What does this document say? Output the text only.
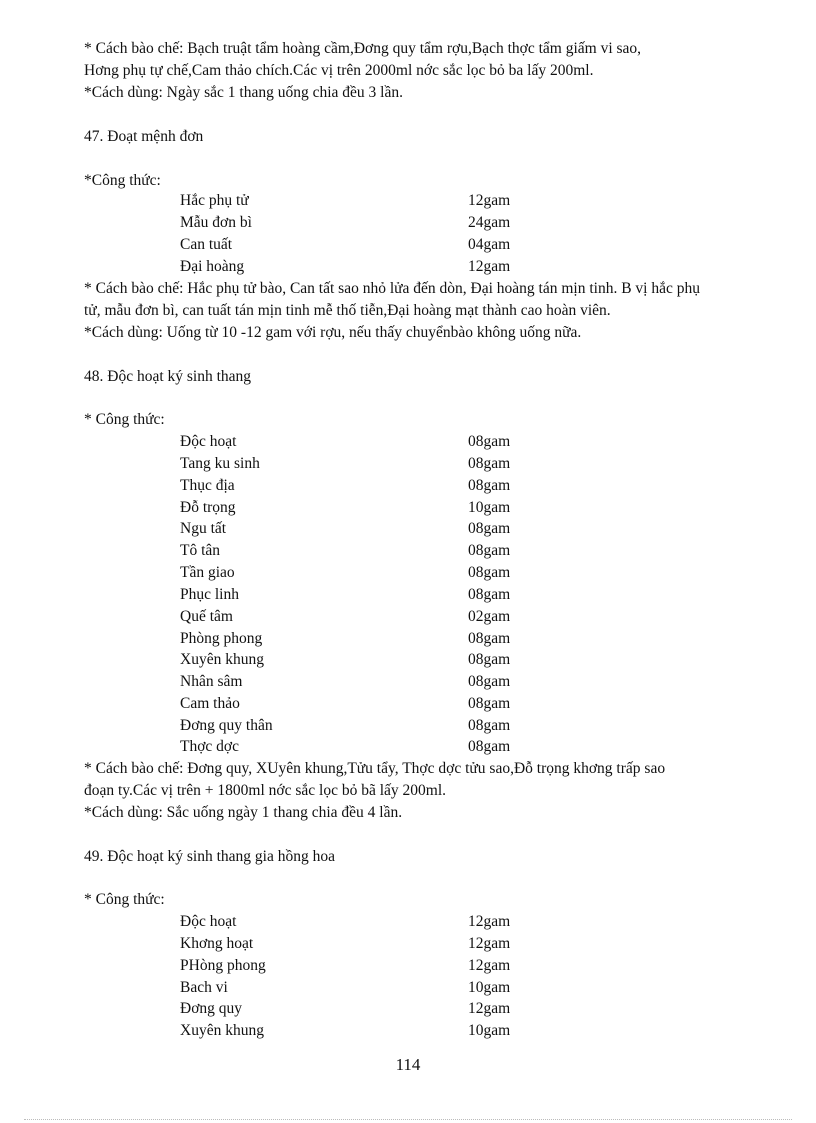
* Cách bào chế: Bạch truật tẩm hoàng cầm,Đơng quy tẩm rợu,Bạch thợc tẩm giấm vi sao,
Hơng phụ tự chế,Cam thảo chích.Các vị trên 2000ml nớc sắc lọc bỏ ba lấy 200ml.
*Cách dùng: Ngày sắc 1 thang uống chia đều 3 lần.
47. Đoạt mệnh đơn
*Công thức:
Hắc phụ tử	12gam
Mẫu đơn bì	24gam
Can tuất	04gam
Đại hoàng	12gam
* Cách bào chế: Hắc phụ tử bào, Can tất sao nhỏ lửa đến dòn, Đại hoàng tán mịn tinh. B vị hắc phụ
tử, mẫu đơn bì, can tuất tán mịn tinh mễ thố tiễn,Đại hoàng mạt thành cao hoàn viên.
*Cách dùng: Uống từ 10 -12 gam với rợu, nếu thấy chuyểnbào không uống nữa.
48. Độc hoạt ký sinh thang
* Công thức:
Độc hoạt	08gam
Tang ku sinh	08gam
Thục địa	08gam
Đỗ trọng	10gam
Ngu tất	08gam
Tô tân	08gam
Tần giao	08gam
Phục linh	08gam
Quế tâm	02gam
Phòng phong	08gam
Xuyên khung	08gam
Nhân sâm	08gam
Cam thảo	08gam
Đơng quy thân	08gam
Thợc dợc	08gam
* Cách bào chế: Đơng quy, XUyên khung,Tửu tẩy, Thợc dợc tửu sao,Đỗ trọng khơng trấp sao
đoạn ty.Các vị trên + 1800ml nớc sắc lọc bỏ bã lấy 200ml.
*Cách dùng: Sắc uống ngày 1 thang chia đều 4 lần.
49. Độc hoạt ký sinh thang gia hồng hoa
* Công thức:
Độc hoạt	12gam
Khơng hoạt	12gam
PHòng phong	12gam
Bach vi	10gam
Đơng quy	12gam
Xuyên khung	10gam
114
